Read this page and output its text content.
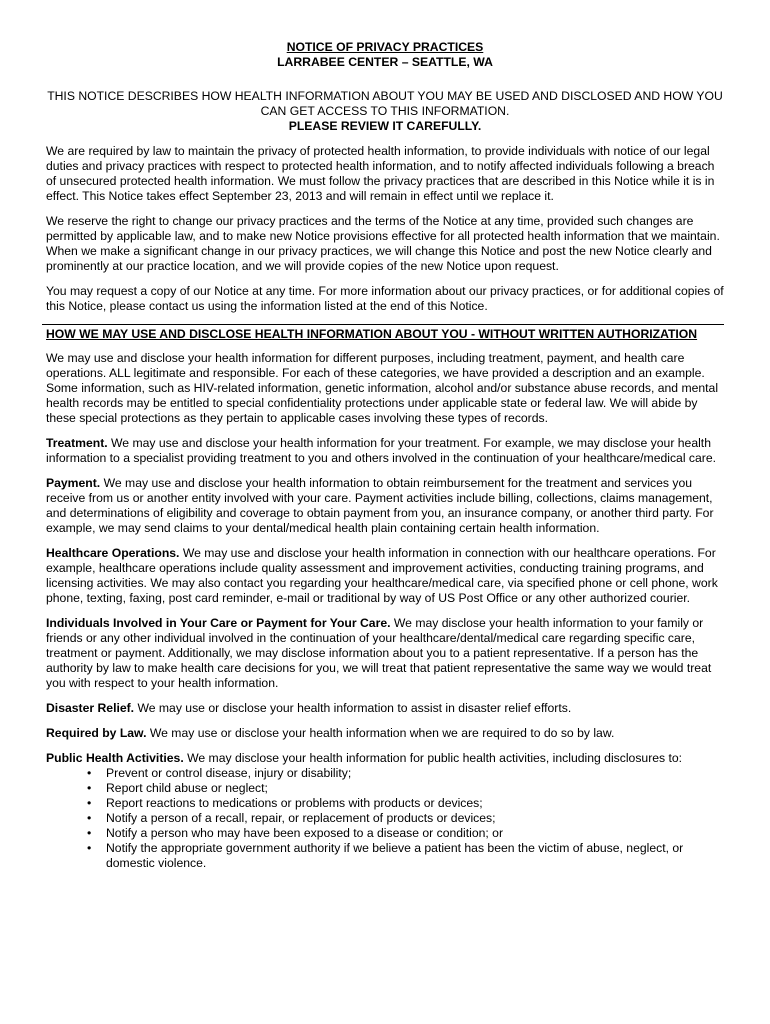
NOTICE OF PRIVACY PRACTICES
LARRABEE CENTER – SEATTLE, WA
THIS NOTICE DESCRIBES HOW HEALTH INFORMATION ABOUT YOU MAY BE USED AND DISCLOSED AND HOW YOU CAN GET ACCESS TO THIS INFORMATION.
PLEASE REVIEW IT CAREFULLY.

We are required by law to maintain the privacy of protected health information, to provide individuals with notice of our legal duties and privacy practices with respect to protected health information, and to notify affected individuals following a breach of unsecured protected health information. We must follow the privacy practices that are described in this Notice while it is in effect. This Notice takes effect September 23, 2013 and will remain in effect until we replace it.

We reserve the right to change our privacy practices and the terms of the Notice at any time, provided such changes are permitted by applicable law, and to make new Notice provisions effective for all protected health information that we maintain. When we make a significant change in our privacy practices, we will change this Notice and post the new Notice clearly and prominently at our practice location, and we will provide copies of the new Notice upon request.

You may request a copy of our Notice at any time. For more information about our privacy practices, or for additional copies of this Notice, please contact us using the information listed at the end of this Notice.

HOW WE MAY USE AND DISCLOSE HEALTH INFORMATION ABOUT YOU - WITHOUT WRITTEN AUTHORIZATION

We may use and disclose your health information for different purposes, including treatment, payment, and health care operations. ALL legitimate and responsible. For each of these categories, we have provided a description and an example. Some information, such as HIV-related information, genetic information, alcohol and/or substance abuse records, and mental health records may be entitled to special confidentiality protections under applicable state or federal law. We will abide by these special protections as they pertain to applicable cases involving these types of records.

Treatment. We may use and disclose your health information for your treatment. For example, we may disclose your health information to a specialist providing treatment to you and others involved in the continuation of your healthcare/medical care.

Payment. We may use and disclose your health information to obtain reimbursement for the treatment and services you receive from us or another entity involved with your care. Payment activities include billing, collections, claims management, and determinations of eligibility and coverage to obtain payment from you, an insurance company, or another third party. For example, we may send claims to your dental/medical health plain containing certain health information.

Healthcare Operations. We may use and disclose your health information in connection with our healthcare operations. For example, healthcare operations include quality assessment and improvement activities, conducting training programs, and licensing activities. We may also contact you regarding your healthcare/medical care, via specified phone or cell phone, work phone, texting, faxing, post card reminder, e-mail or traditional by way of US Post Office or any other authorized courier.

Individuals Involved in Your Care or Payment for Your Care. We may disclose your health information to your family or friends or any other individual involved in the continuation of your healthcare/dental/medical care regarding specific care, treatment or payment. Additionally, we may disclose information about you to a patient representative. If a person has the authority by law to make health care decisions for you, we will treat that patient representative the same way we would treat you with respect to your health information.

Disaster Relief. We may use or disclose your health information to assist in disaster relief efforts.

Required by Law. We may use or disclose your health information when we are required to do so by law.

Public Health Activities. We may disclose your health information for public health activities, including disclosures to:

• Prevent or control disease, injury or disability;
• Report child abuse or neglect;
• Report reactions to medications or problems with products or devices;
• Notify a person of a recall, repair, or replacement of products or devices;
• Notify a person who may have been exposed to a disease or condition; or
• Notify the appropriate government authority if we believe a patient has been the victim of abuse, neglect, or domestic violence.
